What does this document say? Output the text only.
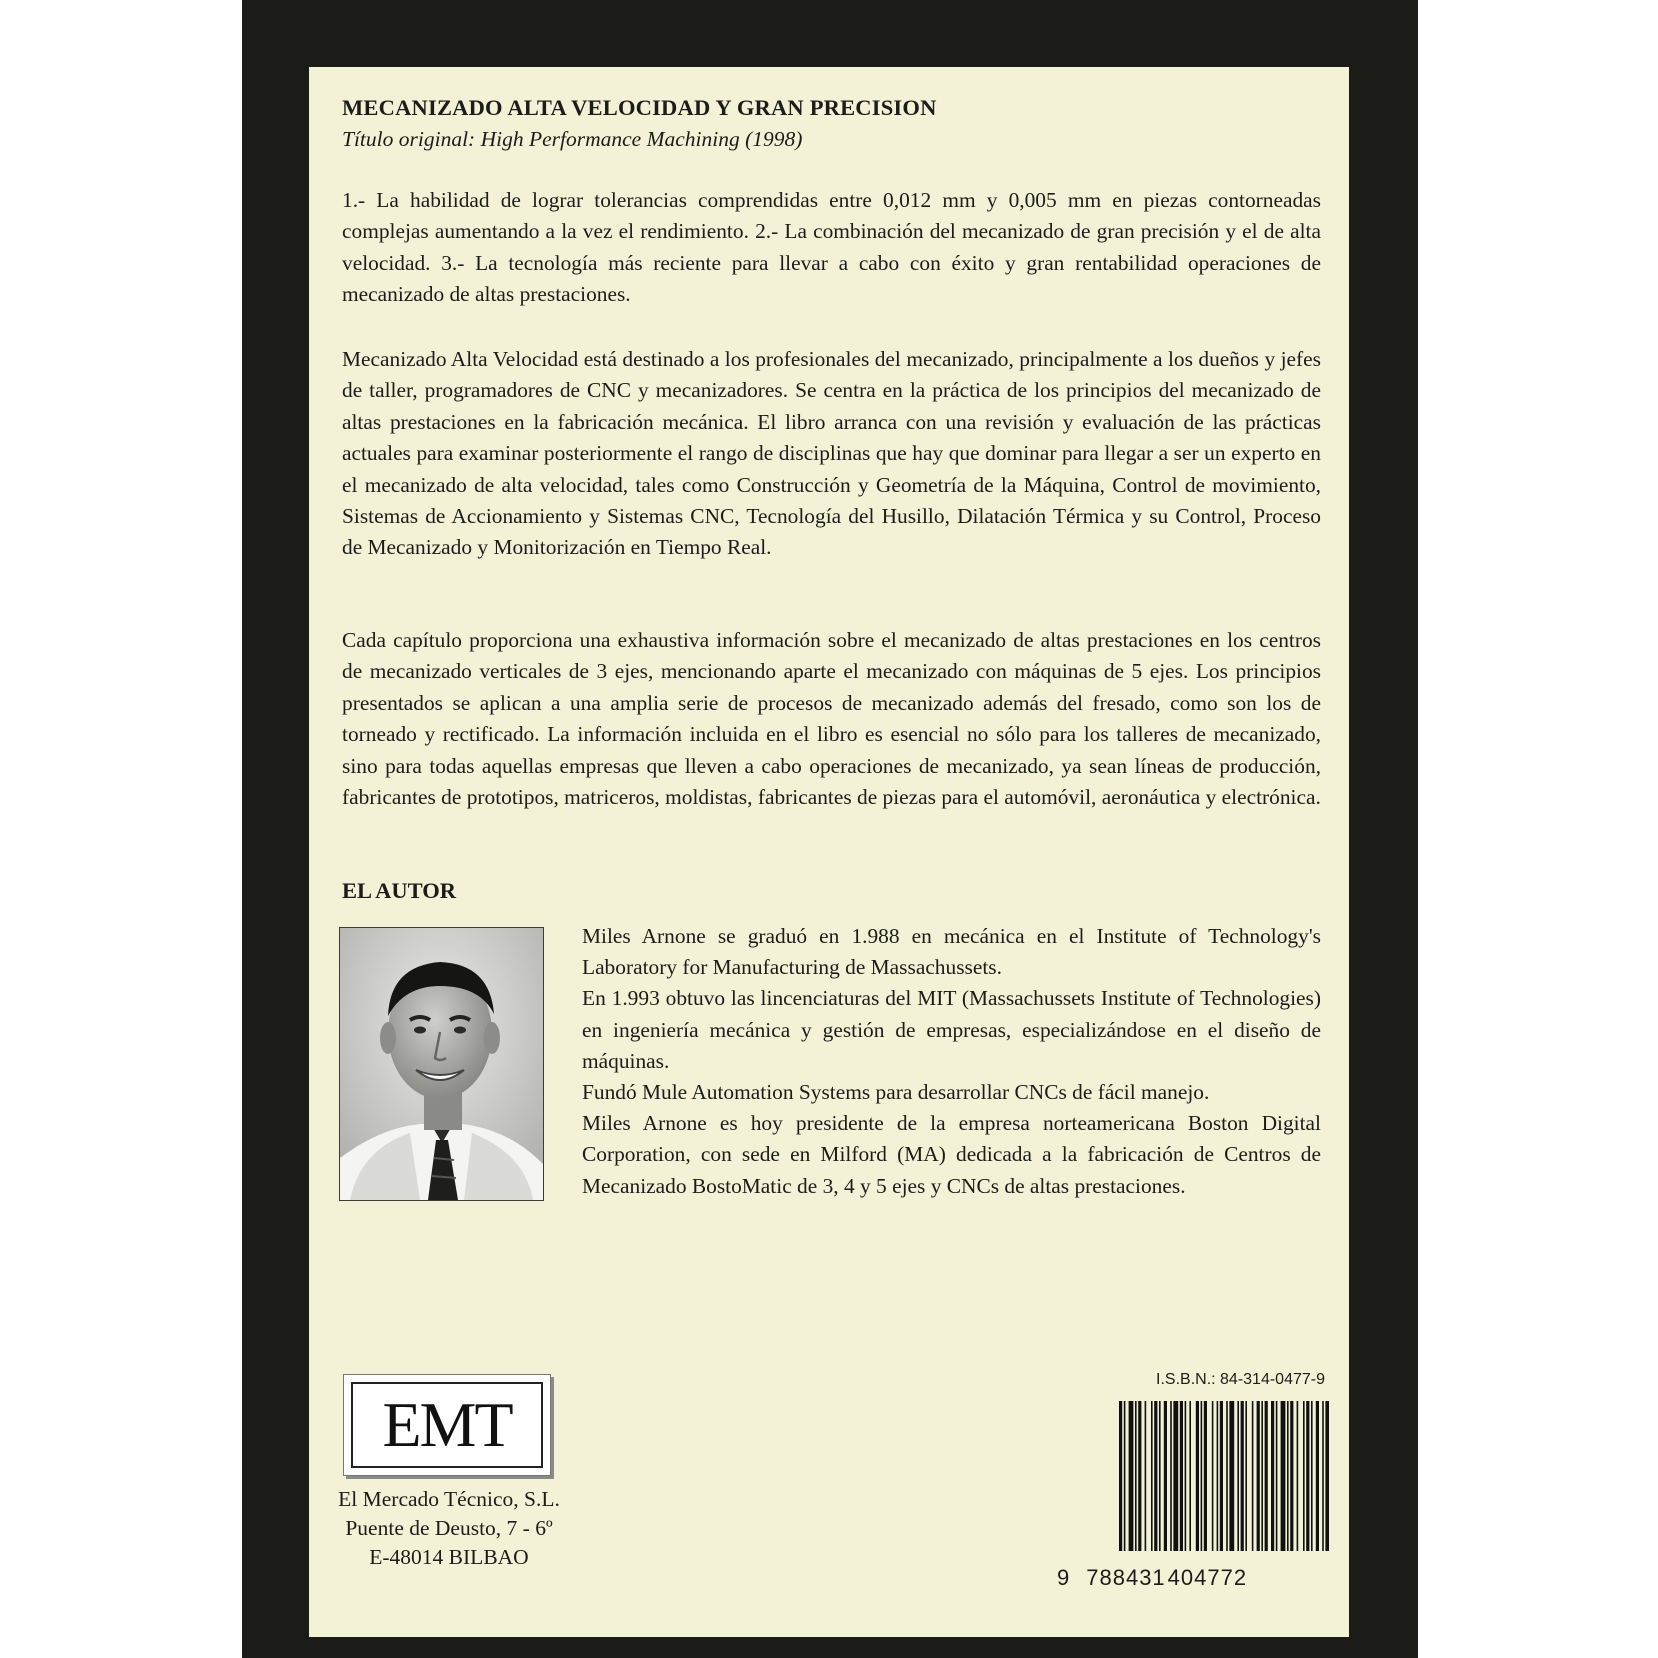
MECANIZADO ALTA VELOCIDAD Y GRAN PRECISION
Título original: High Performance Machining (1998)
1.- La habilidad de lograr tolerancias comprendidas entre 0,012 mm y 0,005 mm en piezas contorneadas complejas aumentando a la vez el rendimiento. 2.- La combinación del mecanizado de gran precisión y el de alta velocidad. 3.- La tecnología más reciente para llevar a cabo con éxito y gran rentabilidad operaciones de mecanizado de altas prestaciones.
Mecanizado Alta Velocidad está destinado a los profesionales del mecanizado, principalmente a los dueños y jefes de taller, programadores de CNC y mecanizadores. Se centra en la práctica de los principios del mecanizado de altas prestaciones en la fabricación mecánica. El libro arranca con una revisión y evaluación de las prácticas actuales para examinar posteriormente el rango de disciplinas que hay que dominar para llegar a ser un experto en el mecanizado de alta velocidad, tales como Construcción y Geometría de la Máquina, Control de movimiento, Sistemas de Accionamiento y Sistemas CNC, Tecnología del Husillo, Dilatación Térmica y su Control, Proceso de Mecanizado y Monitorización en Tiempo Real.
Cada capítulo proporciona una exhaustiva información sobre el mecanizado de altas prestaciones en los centros de mecanizado verticales de 3 ejes, mencionando aparte el mecanizado con máquinas de 5 ejes. Los principios presentados se aplican a una amplia serie de procesos de mecanizado además del fresado, como son los de torneado y rectificado. La información incluida en el libro es esencial no sólo para los talleres de mecanizado, sino para todas aquellas empresas que lleven a cabo operaciones de mecanizado, ya sean líneas de producción, fabricantes de prototipos, matriceros, moldistas, fabricantes de piezas para el automóvil, aeronáutica y electrónica.
EL AUTOR
Miles Arnone se graduó en 1.988 en mecánica en el Institute of Technology's Laboratory for Manufacturing de Massachussets.
En 1.993 obtuvo las lincenciaturas del MIT (Massachussets Institute of Technologies) en ingeniería mecánica y gestión de empresas, especializándose en el diseño de máquinas.
Fundó Mule Automation Systems para desarrollar CNCs de fácil manejo.
Miles Arnone es hoy presidente de la empresa norteamericana Boston Digital Corporation, con sede en Milford (MA) dedicada a la fabricación de Centros de Mecanizado BostoMatic de 3, 4 y 5 ejes y CNCs de altas prestaciones.
EMT
El Mercado Técnico, S.L.
Puente de Deusto, 7 - 6º
E-48014 BILBAO
I.S.B.N.: 84-314-0477-9
9 788431404772
